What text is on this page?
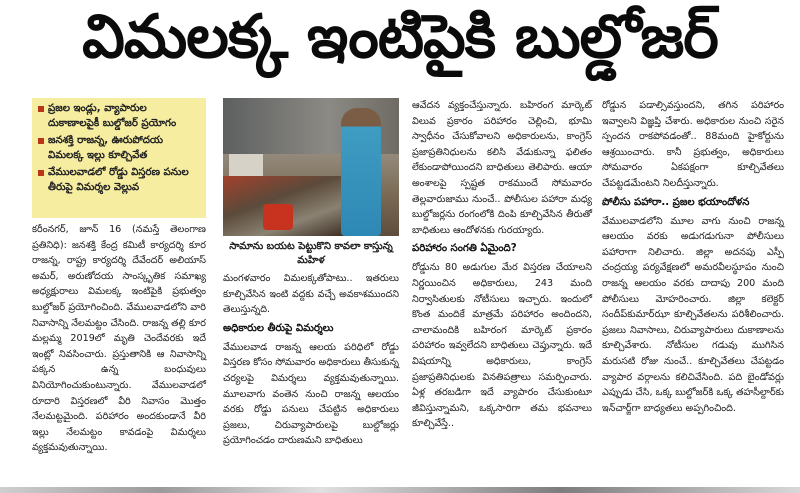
విమలక్క ఇంటిపైకి బుల్డోజర్
ప్రజల ఇండ్లు, వ్యాపారుల దుకాణాలపైకీ బుల్డోజర్ ప్రయోగం
జనశక్తి రాజన్న, ఊరుపోదయ విమలక్క ఇల్లు కూల్చివేత
వేములవాడలో రోడ్డు విస్తరణ పనుల తీరుపై విమర్శల వెల్లువ
సామాను బయట పెట్టుకొని కావలా కాస్తున్న మహిళ

కరీంనగర్, జూన్ 16 (నమస్తే తెలంగాణ ప్రతినిధి): జనశక్తి కేంద్ర కమిటీ కార్యదర్శి కూర రాజన్న, రాష్ట్ర కార్యదర్శి దేవేందర్ అలియాస్ అమర్, అరుణోదయ సాంస్కృతిక సమాఖ్య అధ్యక్షురాలు విమలక్క ఇంటిపైకి ప్రభుత్వం బుల్డోజర్ ప్రయోగించింది. వేములవాడలోని వారి నివాసాన్ని నేలమట్టం చేసింది. రాజన్న తల్లి కూర మల్లమ్మ 2019లో మృతి చెందేవరకు ఇదే ఇంట్లో నివసించారు. ప్రస్తుతానికి ఆ నివాసాన్ని పక్కన ఉన్న బంధువులు వినియోగించుకుంటున్నారు. వేములవాడలో రూదారి విస్తరణలో వీరి నివాసం మొత్తం నేలమట్టమైంది. పరిహారం అందకుండానే వీరి ఇల్లు నేలమట్టం కావడంపై విమర్శలు వ్యక్తమవుతున్నాయి.

మంగళవారం విమలక్కతోపాటు.. ఇతరులు కూల్చివేసిన ఇంటి వద్దకు వచ్చే అవకాశముందని తెలుస్తున్నది.

అధికారుల తీరుపై విమర్శలు

వేములవాడ రాజన్న ఆలయ పరిధిలో రోడ్డు విస్తరణ కోసం సోమవారం అధికారులు తీసుకున్న చర్యలపై విమర్శలు వ్యక్తమవుతున్నాయి. మూలవాగు వంతెన నుంచి రాజన్న ఆలయం వరకు రోడ్డు పనులు చేపట్టిన అధికారులు ప్రజలు, చిరువ్యాపారులపై బుల్డోజర్లు ప్రయోగించడం దారుణమని బాధితులు

ఆవేదన వ్యక్తంచేస్తున్నారు. బహిరంగ మార్కెట్ విలువ ప్రకారం పరిహారం చెల్లించి, భూమి స్వాధీనం చేసుకోవాలని అధికారులను, కాంగ్రెస్ ప్రజాప్రతినిధులను కలిసి వేడుకున్నా ఫలితం లేకుండాపోయిందని బాధితులు తెలిపారు. ఆయా అంశాలపై స్పష్టత రాకముందే సోమవారం తెల్లవారుజాము నుంచే.. పోలీసుల పహారా మధ్య బుల్డోజర్లను రంగంలోకి దింపి కూల్చివేసిన తీరుతో బాధితులు ఆందోళనకు గురయ్యారు.

పరిహారం సంగతి ఏమైంది?

రోడ్డును 80 అడుగుల మేర విస్తరణ చేయాలని నిర్ణయించిన అధికారులు, 243 మంది నిర్వాసితులకు నోటీసులు ఇచ్చారు. ఇందులో కొంత మందికే మాత్రమే పరిహారం అందిందని, చాలామందికి బహిరంగ మార్కెట్ ప్రకారం పరిహారం ఇవ్వలేదని బాధితులు చెప్తున్నారు. ఇదే విషయాన్ని అధికారులు, కాంగ్రెస్ ప్రజాప్రతినిధులకు వినతిపత్రాలు సమర్పించారు. ఏళ్ల తరబడిగా ఇదే వ్యాపారం చేసుకుంటూ జీవిస్తున్నామని, ఒక్కసారిగా తమ భవనాలు కూల్చివేస్తే..

రోడ్డున పడాల్సివస్తుందని, తగిన పరిహారం ఇవ్వాలని విజ్ఞప్తి చేశారు. అధికారుల నుంచి సరైన స్పందన రాకపోవడంతో.. 88మంది హైకోర్టును ఆశ్రయించారు. కానీ ప్రభుత్వం, అధికారులు సోమవారం ఏకపక్షంగా కూల్చివేతలు చేపట్టడమేంటని నిలదీస్తున్నారు.

పోలీసు పహారా.. ప్రజల భయాందోళన

వేములవాడలోని మూల వాగు నుంచి రాజన్న ఆలయం వరకు అడుగడుగునా పోలీసులు పహారాగా నిలిచారు. జిల్లా అదనపు ఎస్పీ చంద్రయ్య పర్యవేక్షణలో అమరవీలస్థూపం నుంచి రాజన్న ఆలయం వరకు దాదాపు 200 మంది పోలీసులు మోహరించారు. జిల్లా కలెక్టర్ సందీప్‌కుమార్‌ఝా కూల్చివేతలను పరిశీలించారు. ప్రజలు నివాసాలు, చిరువ్యాపారులు దుకాణాలను కూల్చివేశారు. నోటీసుల గడువు ముగిసిన మరుసటి రోజు నుంచే.. కూల్చివేతలు చేపట్టడం వ్యాపార వర్గాలను కలిచివేసింది. పది బైండోవర్లు ఎప్పుడు చేసి, ఒక్క బుల్డోజర్‌కి ఒక్క తహసీల్దార్‌కు ఇన్‌చార్జ్‌గా బాధ్యతలు అప్పగించింది.
